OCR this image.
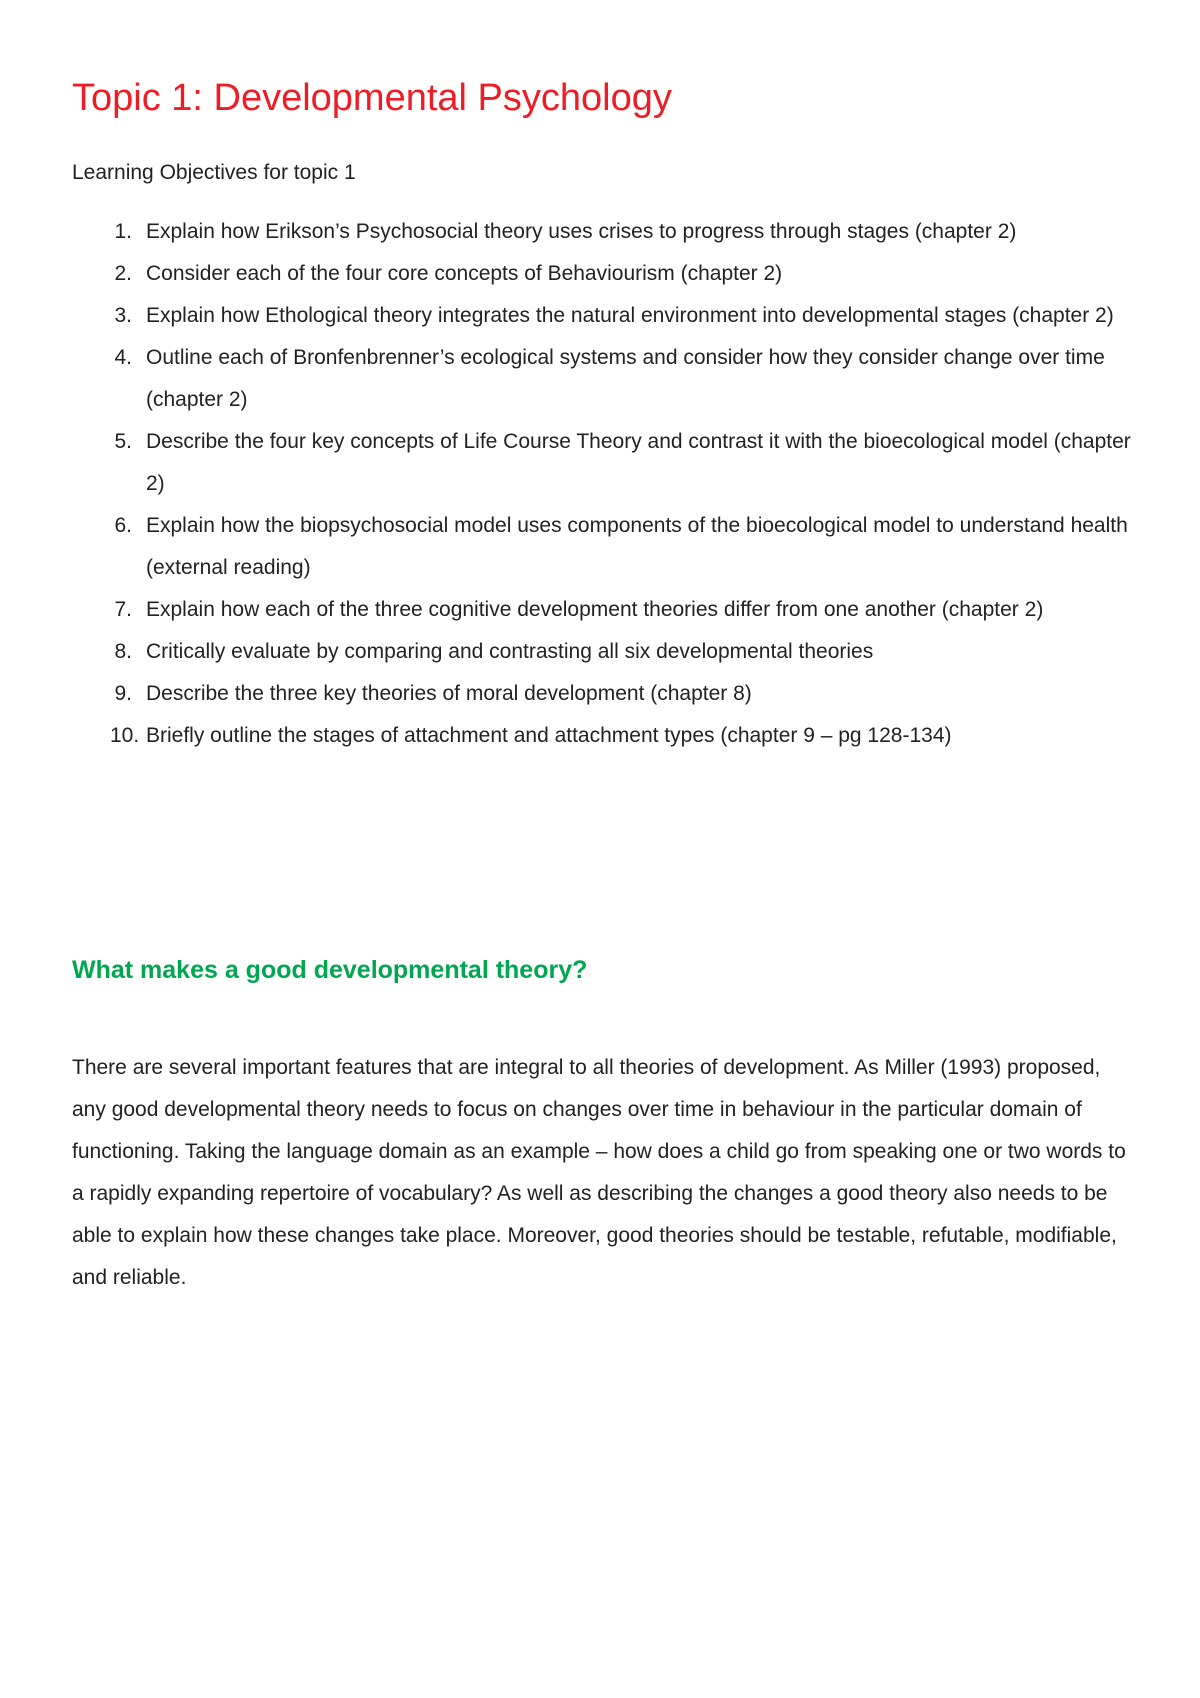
Topic 1: Developmental Psychology

Learning Objectives for topic 1

1. Explain how Erikson’s Psychosocial theory uses crises to progress through stages (chapter 2)
2. Consider each of the four core concepts of Behaviourism (chapter 2)
3. Explain how Ethological theory integrates the natural environment into developmental stages (chapter 2)
4. Outline each of Bronfenbrenner’s ecological systems and consider how they consider change over time (chapter 2)
5. Describe the four key concepts of Life Course Theory and contrast it with the bioecological model (chapter 2)
6. Explain how the biopsychosocial model uses components of the bioecological model to understand health (external reading)
7. Explain how each of the three cognitive development theories differ from one another (chapter 2)
8. Critically evaluate by comparing and contrasting all six developmental theories
9. Describe the three key theories of moral development (chapter 8)
10. Briefly outline the stages of attachment and attachment types (chapter 9 – pg 128-134)
What makes a good developmental theory?

There are several important features that are integral to all theories of development. As Miller (1993) proposed, any good developmental theory needs to focus on changes over time in behaviour in the particular domain of functioning. Taking the language domain as an example – how does a child go from speaking one or two words to a rapidly expanding repertoire of vocabulary? As well as describing the changes a good theory also needs to be able to explain how these changes take place. Moreover, good theories should be testable, refutable, modifiable, and reliable.
